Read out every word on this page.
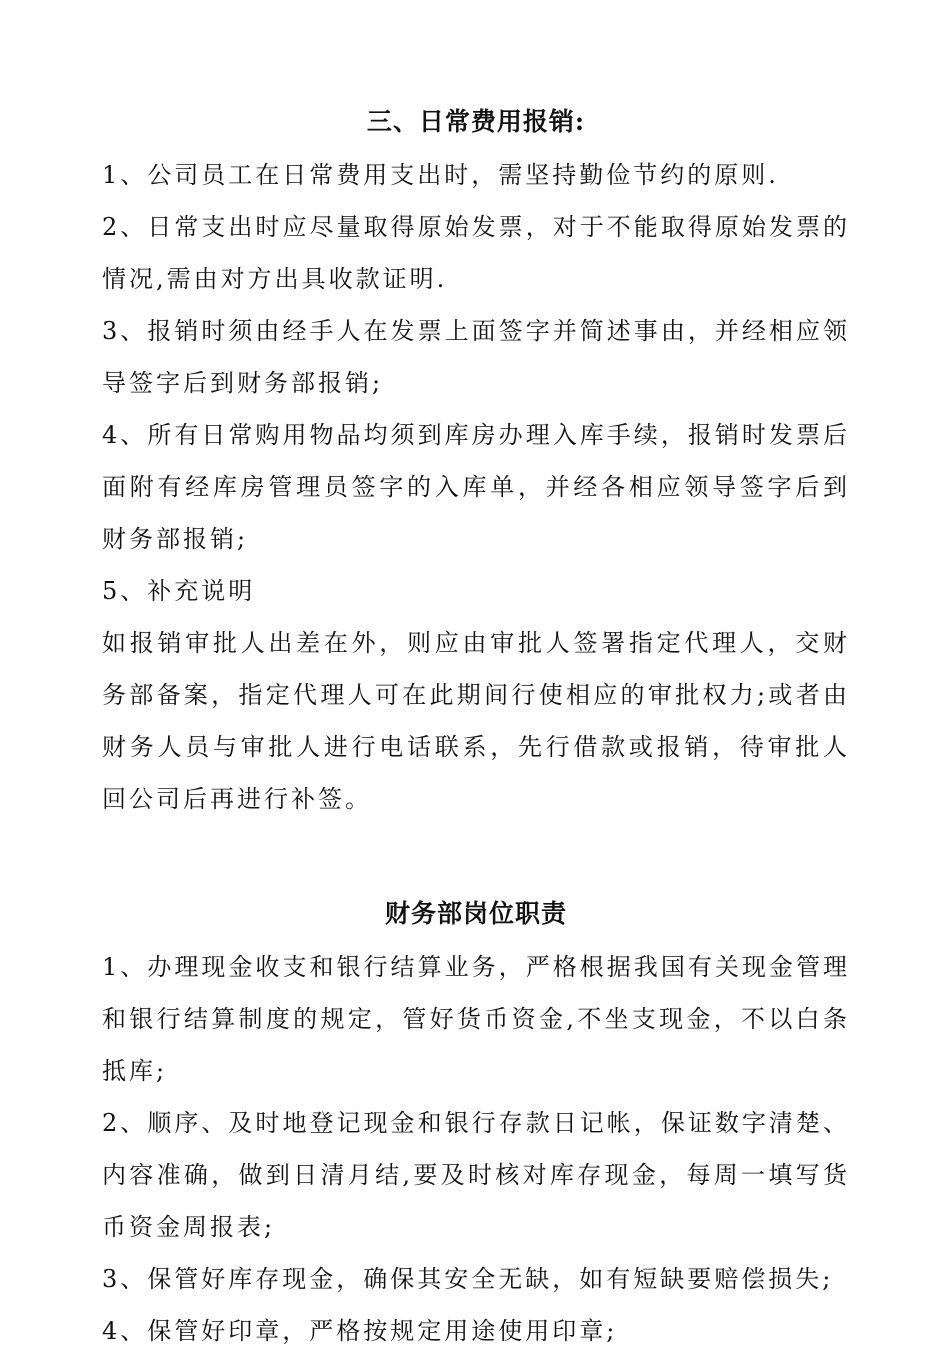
三、日常费用报销:

1、公司员工在日常费用支出时，需坚持勤俭节约的原则.

2、日常支出时应尽量取得原始发票，对于不能取得原始发票的情况,需由对方出具收款证明.

3、报销时须由经手人在发票上面签字并简述事由，并经相应领导签字后到财务部报销;

4、所有日常购用物品均须到库房办理入库手续，报销时发票后面附有经库房管理员签字的入库单，并经各相应领导签字后到财务部报销;

5、补充说明

如报销审批人出差在外，则应由审批人签署指定代理人，交财务部备案，指定代理人可在此期间行使相应的审批权力;或者由财务人员与审批人进行电话联系，先行借款或报销，待审批人回公司后再进行补签。

财务部岗位职责

1、办理现金收支和银行结算业务，严格根据我国有关现金管理和银行结算制度的规定，管好货币资金,不坐支现金，不以白条抵库;

2、顺序、及时地登记现金和银行存款日记帐，保证数字清楚、内容准确，做到日清月结,要及时核对库存现金，每周一填写货币资金周报表;

3、保管好库存现金，确保其安全无缺，如有短缺要赔偿损失;

4、保管好印章，严格按规定用途使用印章;
